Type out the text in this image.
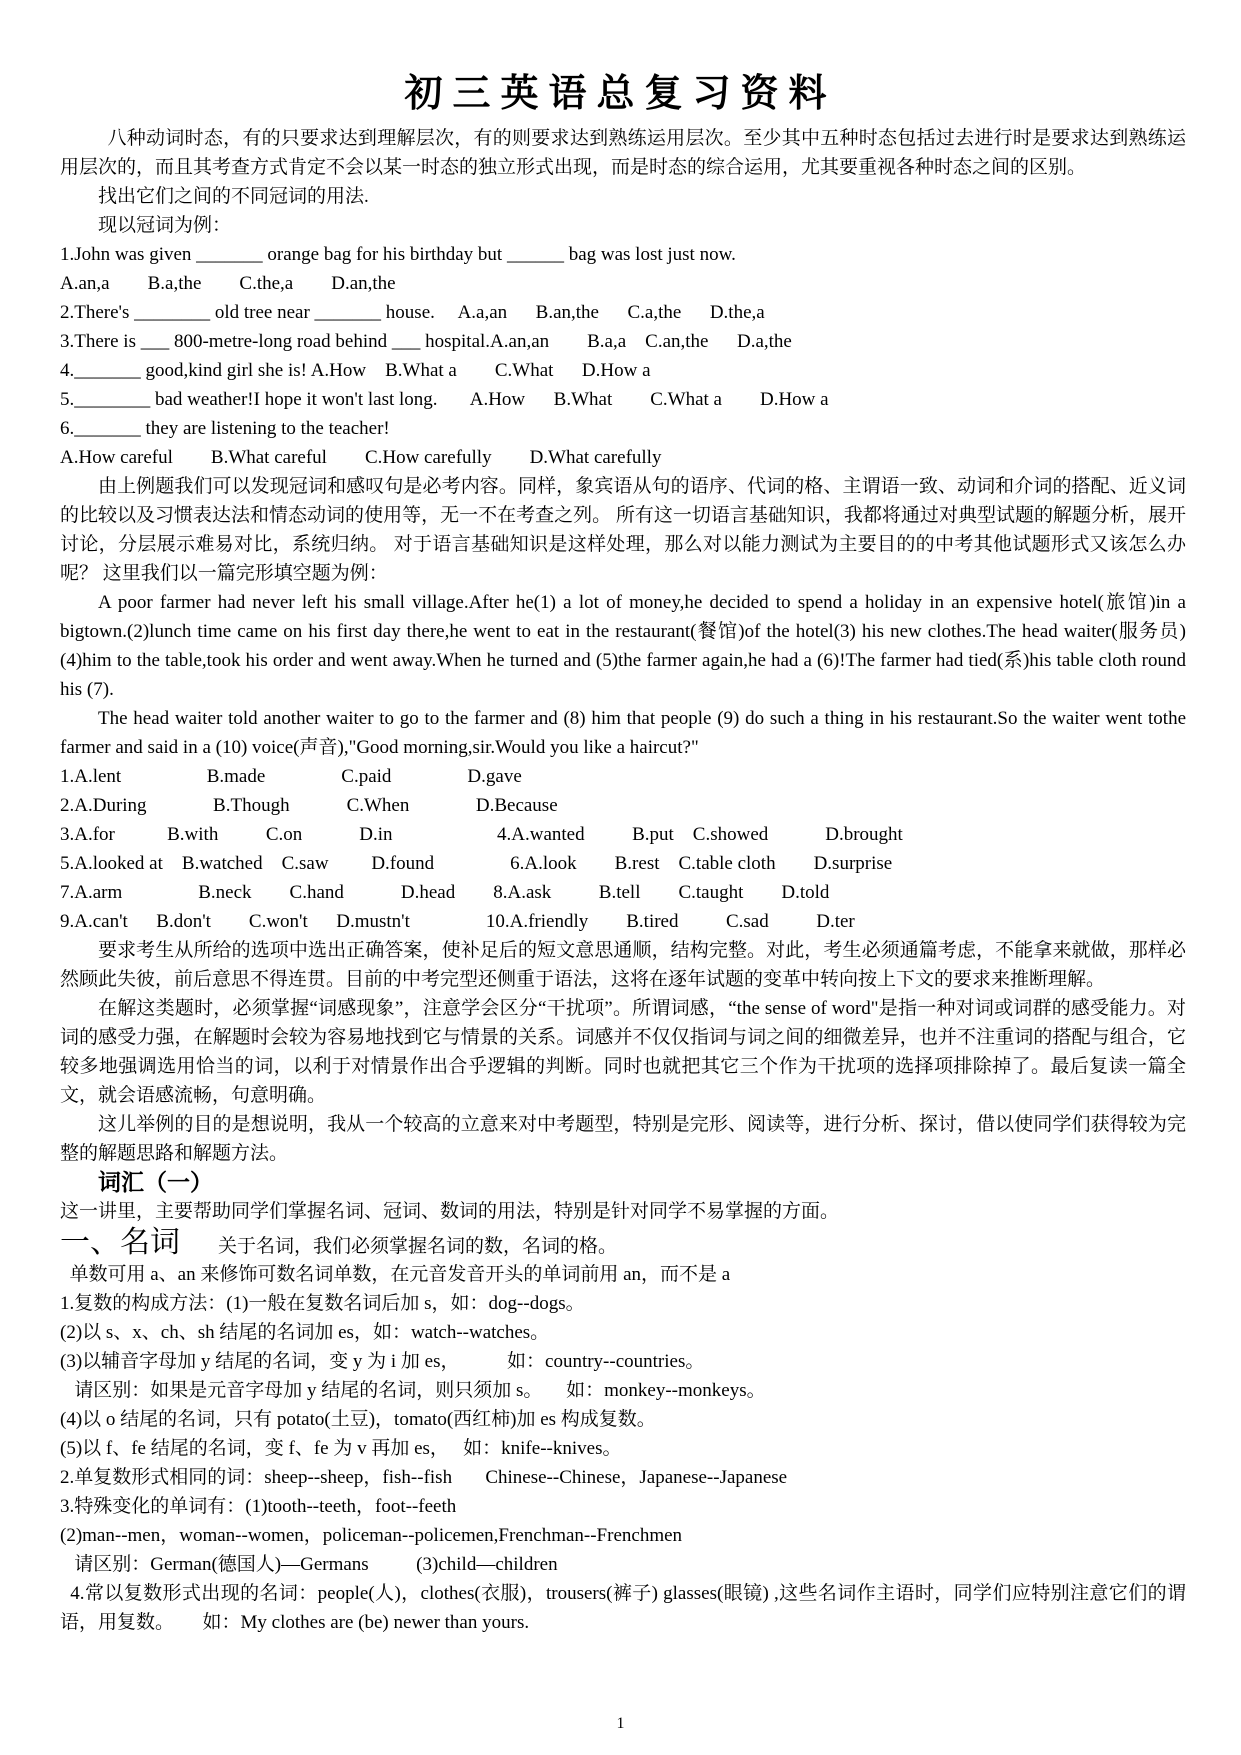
初三英语总复习资料

八种动词时态，有的只要求达到理解层次，有的则要求达到熟练运用层次。至少其中五种时态包括过去进行时是要求达到熟练运用层次的，而且其考查方式肯定不会以某一时态的独立形式出现，而是时态的综合运用，尤其要重视各种时态之间的区别。

找出它们之间的不同冠词的用法.

现以冠词为例：

1.John was given _______ orange bag for his birthday but ______ bag was lost just now.

A.an,a        B.a,the        C.the,a        D.an,the

2.There's ________ old tree near _______ house.     A.a,an      B.an,the      C.a,the      D.the,a

3.There is ___ 800-metre-long road behind ___ hospital.A.an,an        B.a,a    C.an,the      D.a,the

4._______ good,kind girl she is! A.How    B.What a        C.What      D.How a

5.________ bad weather!I hope it won't last long.       A.How      B.What        C.What a        D.How a

6._______ they are listening to the teacher!

A.How careful        B.What careful        C.How carefully        D.What carefully

由上例题我们可以发现冠词和感叹句是必考内容。同样，象宾语从句的语序、代词的格、主谓语一致、动词和介词的搭配、近义词的比较以及习惯表达法和情态动词的使用等，无一不在考查之列。 所有这一切语言基础知识，我都将通过对典型试题的解题分析，展开讨论，分层展示难易对比，系统归纳。 对于语言基础知识是这样处理，那么对以能力测试为主要目的的中考其他试题形式又该怎么办呢？ 这里我们以一篇完形填空题为例：

A poor farmer had never left his small village.After he(1) a lot of money,he decided to spend a holiday in an expensive hotel(旅馆)in a bigtown.(2)lunch time came on his first day there,he went to eat in the restaurant(餐馆)of the hotel(3) his new clothes.The head waiter(服务员)(4)him to the table,took his order and went away.When he turned and (5)the farmer again,he had a (6)!The farmer had tied(系)his table cloth round his (7).

The head waiter told another waiter to go to the farmer and (8) him that people (9) do such a thing in his restaurant.So the waiter went tothe farmer and said in a (10) voice(声音),"Good morning,sir.Would you like a haircut?"

1.A.lent                  B.made                C.paid                D.gave

2.A.During              B.Though            C.When              D.Because

3.A.for           B.with          C.on            D.in                      4.A.wanted          B.put    C.showed            D.brought

5.A.looked at    B.watched    C.saw         D.found                6.A.look        B.rest    C.table cloth        D.surprise

7.A.arm                B.neck        C.hand            D.head        8.A.ask          B.tell        C.taught        D.told

9.A.can't      B.don't        C.won't      D.mustn't                10.A.friendly        B.tired          C.sad          D.ter

要求考生从所给的选项中选出正确答案，使补足后的短文意思通顺，结构完整。对此，考生必须通篇考虑，不能拿来就做，那样必然顾此失彼，前后意思不得连贯。目前的中考完型还侧重于语法，这将在逐年试题的变革中转向按上下文的要求来推断理解。

在解这类题时，必须掌握“词感现象”，注意学会区分“干扰项”。所谓词感，“the sense of word"是指一种对词或词群的感受能力。对词的感受力强，在解题时会较为容易地找到它与情景的关系。词感并不仅仅指词与词之间的细微差异，也并不注重词的搭配与组合，它较多地强调选用恰当的词，以利于对情景作出合乎逻辑的判断。同时也就把其它三个作为干扰项的选择项排除掉了。最后复读一篇全文，就会语感流畅，句意明确。

这儿举例的目的是想说明，我从一个较高的立意来对中考题型，特别是完形、阅读等，进行分析、探讨，借以使同学们获得较为完整的解题思路和解题方法。

词汇（一）

这一讲里，主要帮助同学们掌握名词、冠词、数词的用法，特别是针对同学不易掌握的方面。

一、名词 关于名词，我们必须掌握名词的数，名词的格。

单数可用 a、an 来修饰可数名词单数，在元音发音开头的单词前用 an，而不是 a

1.复数的构成方法：(1)一般在复数名词后加 s，如：dog--dogs。

(2)以 s、x、ch、sh 结尾的名词加 es，如：watch--watches。

(3)以辅音字母加 y 结尾的名词，变 y 为 i 加 es，          如：country--countries。

请区别：如果是元音字母加 y 结尾的名词，则只须加 s。     如：monkey--monkeys。

(4)以 o 结尾的名词，只有 potato(土豆)，tomato(西红柿)加 es 构成复数。

(5)以 f、fe 结尾的名词，变 f、fe 为 v 再加 es，   如：knife--knives。

2.单复数形式相同的词：sheep--sheep，fish--fish       Chinese--Chinese，Japanese--Japanese

3.特殊变化的单词有：(1)tooth--teeth，foot--feeth

(2)man--men，woman--women，policeman--policemen,Frenchman--Frenchmen

请区别：German(德国人)—Germans          (3)child—children

4.常以复数形式出现的名词：people(人)，clothes(衣服)，trousers(裤子) glasses(眼镜) ,这些名词作主语时，同学们应特别注意它们的谓语，用复数。      如：My clothes are (be) newer than yours.

1
